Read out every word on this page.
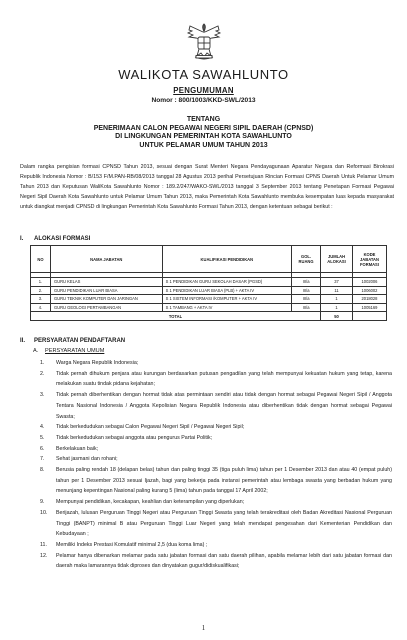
WALIKOTA SAWAHLUNTO
PENGUMUMAN
Nomor : 800/1003/KKD-SWL/2013
TENTANG
PENERIMAAN CALON PEGAWAI NEGERI SIPIL DAERAH (CPNSD)
DI LINGKUNGAN PEMERINTAH KOTA SAWAHLUNTO
UNTUK PELAMAR UMUM TAHUN 2013

Dalam rangka pengisian formasi CPNSD Tahun 2013, sesuai dengan Surat Menteri Negara Pendayagunaan Aparatur Negara dan Reformasi Birokrasi Republik Indonesia Nomor : B/153 F/M.PAN-RB/08/2013 tanggal 28 Agustus 2013 perihal Persetujuan Rincian Formasi CPNS Daerah Untuk Pelamar Umum Tahun 2013 dan Keputusan WaliKota Sawahlunto Nomor : 189.2/247/WAKO-SWL/2013 tanggal 3 September 2013 tentang Penetapan Formasi Pegawai Negeri Sipil Daerah Kota Sawahlunto untuk Pelamar Umum Tahun 2013, maka Pemerintah Kota Sawahlunto membuka kesempatan luas kepada masyarakat untuk diangkat menjadi CPNSD di lingkungan Pemerintah Kota Sawahlunto Formasi Tahun 2013, dengan ketentuan sebagai berikut :

I. ALOKASI FORMASI
NO	NAMA JABATAN	KUALIFIKASI PENDIDIKAN	GOL. RUANG	JUMLAH ALOKASI	KODE JABATAN FORMASI

1.	GURU KELAS	S 1 PENDIDIKAN GURU SEKOLAH DASAR (PGSD)	III/a	37	1002006
2.	GURU PENDIDIKAN LUAR BIASA	S 1 PENDIDIKAN LUAR BIASA (PLB) + AKTA IV	III/a	11	1006002
3.	GURU TEKNIK KOMPUTER DAN JARINGAN	S 1 SISTEM INFORMASI /KOMPUTER + AKTA IV	III/a	1	2018028
4.	GURU GEOLOGI PERTAMBANGAN	S 1 TAMBANG + AKTA IV	III/a	1	1005169
TOTAL				50	
II. PERSYARATAN PENDAFTARAN
A. PERSYARATAN UMUM
1.	Warga Negara Republik Indonesia;
2.	Tidak pernah dihukum penjara atau kurungan berdasarkan putusan pengadilan yang telah mempunyai kekuatan hukum yang tetap, karena melakukan suatu tindak pidana kejahatan;
3.	Tidak pernah diberhentikan dengan hormat tidak atas permintaan sendiri atau tidak dengan hormat sebagai Pegawai Negeri Sipil / Anggota Tentara Nasional Indonesia / Anggota Kepolisian Negara Republik Indonesia atau diberhentikan tidak dengan hormat sebagai Pegawai Swasta;
4.	Tidak berkedudukan sebagai Calon Pegawai Negeri Sipil / Pegawai Negeri Sipil;
5.	Tidak berkedudukan sebagai anggota atau pengurus Partai Politik;
6.	Berkelakuan baik;
7.	Sehat jasmani dan rohani;
8.	Berusia paling rendah 18 (delapan belas) tahun dan paling tinggi 35 (tiga puluh lima) tahun per 1 Desember 2013 dan atau 40 (empat puluh) tahun per 1 Desember 2013 sesuai Ijazah, bagi yang bekerja pada instansi pemerintah atau lembaga swasta yang berbadan hukum yang menunjang kepentingan Nasional paling kurang 5 (lima) tahun pada tanggal 17 April 2002;
9.	Mempunyai pendidikan, kecakapan, keahlian dan keterampilan yang diperlukan;
10.	Berijazah, lulusan Perguruan Tinggi Negeri atau Perguruan Tinggi Swasta yang telah terakreditasi oleh Badan Akreditasi Nasional Perguruan Tinggi (BANPT) minimal B atau Perguruan Tinggi Luar Negeri yang telah mendapat pengesahan dari Kementerian Pendidikan dan Kebudayaan ;
11.	Memiliki Indeks Prestasi Komulatif minimal 2,5 (dua koma lima) ;
12.	Pelamar hanya dibenarkan melamar pada satu jabatan formasi dan satu daerah pilihan, apabila melamar lebih dari satu jabatan formasi dan daerah maka lamarannya tidak diproses dan dinyatakan gugur/didiskualifikasi;
1
